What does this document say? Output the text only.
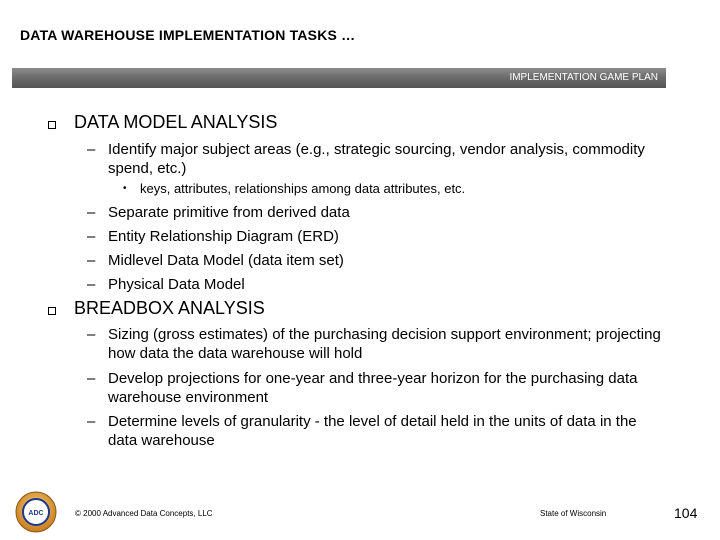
DATA WAREHOUSE IMPLEMENTATION TASKS …
IMPLEMENTATION GAME PLAN
DATA MODEL ANALYSIS
– Identify major subject areas (e.g., strategic sourcing, vendor analysis, commodity spend, etc.)
• keys, attributes, relationships among data attributes, etc.
– Separate primitive from derived data
– Entity Relationship Diagram (ERD)
– Midlevel Data Model (data item set)
– Physical Data Model
BREADBOX ANALYSIS
– Sizing (gross estimates) of the purchasing decision support environment; projecting how data the data warehouse will hold
– Develop projections for one-year and three-year horizon for the purchasing data warehouse environment
– Determine levels of granularity - the level of detail held in the units of data in the data warehouse
ADC	© 2000 Advanced Data Concepts, LLC	State of Wisconsin	104
